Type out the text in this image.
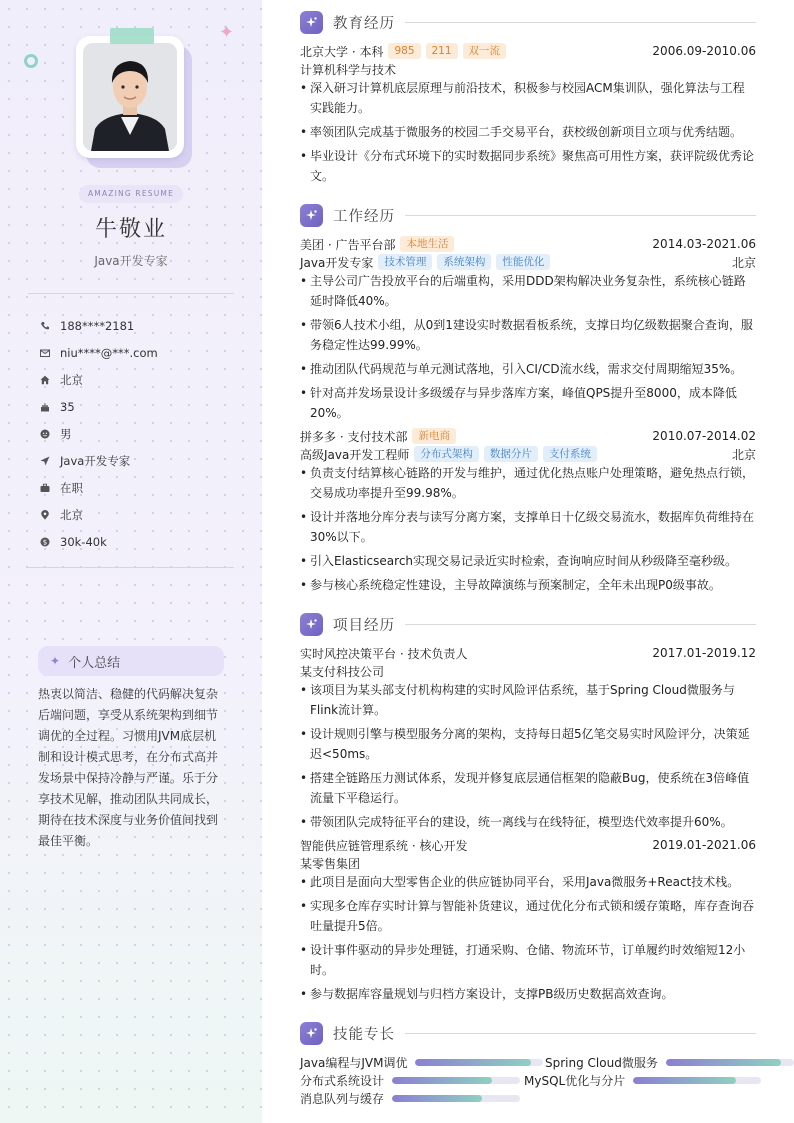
✦
AMAZING RESUME
牛敬业
Java开发专家
188****2181
niu****@***.com
北京
35
男
Java开发专家
在职
北京
$ 30k-40k
✦ 个人总结
热衷以简洁、稳健的代码解决复杂后端问题，享受从系统架构到细节调优的全过程。习惯用JVM底层机制和设计模式思考，在分布式高并发场景中保持冷静与严谨。乐于分享技术见解，推动团队共同成长，期待在技术深度与业务价值间找到最佳平衡。
教育经历
北京大学 · 本科	985	211	双一流	2006.09-2010.06
计算机科学与技术
• 深入研习计算机底层原理与前沿技术，积极参与校园ACM集训队，强化算法与工程实践能力。
• 率领团队完成基于微服务的校园二手交易平台，获校级创新项目立项与优秀结题。
• 毕业设计《分布式环境下的实时数据同步系统》聚焦高可用性方案，获评院级优秀论文。
工作经历
美团 · 广告平台部	本地生活	2014.03-2021.06
Java开发专家	技术管理	系统架构	性能优化	北京
• 主导公司广告投放平台的后端重构，采用DDD架构解决业务复杂性，系统核心链路延时降低40%。
• 带领6人技术小组，从0到1建设实时数据看板系统，支撑日均亿级数据聚合查询，服务稳定性达99.99%。
• 推动团队代码规范与单元测试落地，引入CI/CD流水线，需求交付周期缩短35%。
• 针对高并发场景设计多级缓存与异步落库方案，峰值QPS提升至8000，成本降低20%。
拼多多 · 支付技术部	新电商	2010.07-2014.02
高级Java开发工程师	分布式架构	数据分片	支付系统	北京
• 负责支付结算核心链路的开发与维护，通过优化热点账户处理策略，避免热点行锁，交易成功率提升至99.98%。
• 设计并落地分库分表与读写分离方案，支撑单日十亿级交易流水，数据库负荷维持在30%以下。
• 引入Elasticsearch实现交易记录近实时检索，查询响应时间从秒级降至毫秒级。
• 参与核心系统稳定性建设，主导故障演练与预案制定，全年未出现P0级事故。
项目经历
实时风控决策平台 · 技术负责人	2017.01-2019.12
某支付科技公司
• 该项目为某头部支付机构构建的实时风险评估系统，基于Spring Cloud微服务与Flink流计算。
• 设计规则引擎与模型服务分离的架构，支持每日超5亿笔交易实时风险评分，决策延迟<50ms。
• 搭建全链路压力测试体系，发现并修复底层通信框架的隐蔽Bug，使系统在3倍峰值流量下平稳运行。
• 带领团队完成特征平台的建设，统一离线与在线特征，模型迭代效率提升60%。
智能供应链管理系统 · 核心开发	2019.01-2021.06
某零售集团
• 此项目是面向大型零售企业的供应链协同平台，采用Java微服务+React技术栈。
• 实现多仓库存实时计算与智能补货建议，通过优化分布式锁和缓存策略，库存查询吞吐量提升5倍。
• 设计事件驱动的异步处理链，打通采购、仓储、物流环节，订单履约时效缩短12小时。
• 参与数据库容量规划与归档方案设计，支撑PB级历史数据高效查询。
技能专长
Java编程与JVM调优	Spring Cloud微服务
分布式系统设计	MySQL优化与分片
消息队列与缓存
